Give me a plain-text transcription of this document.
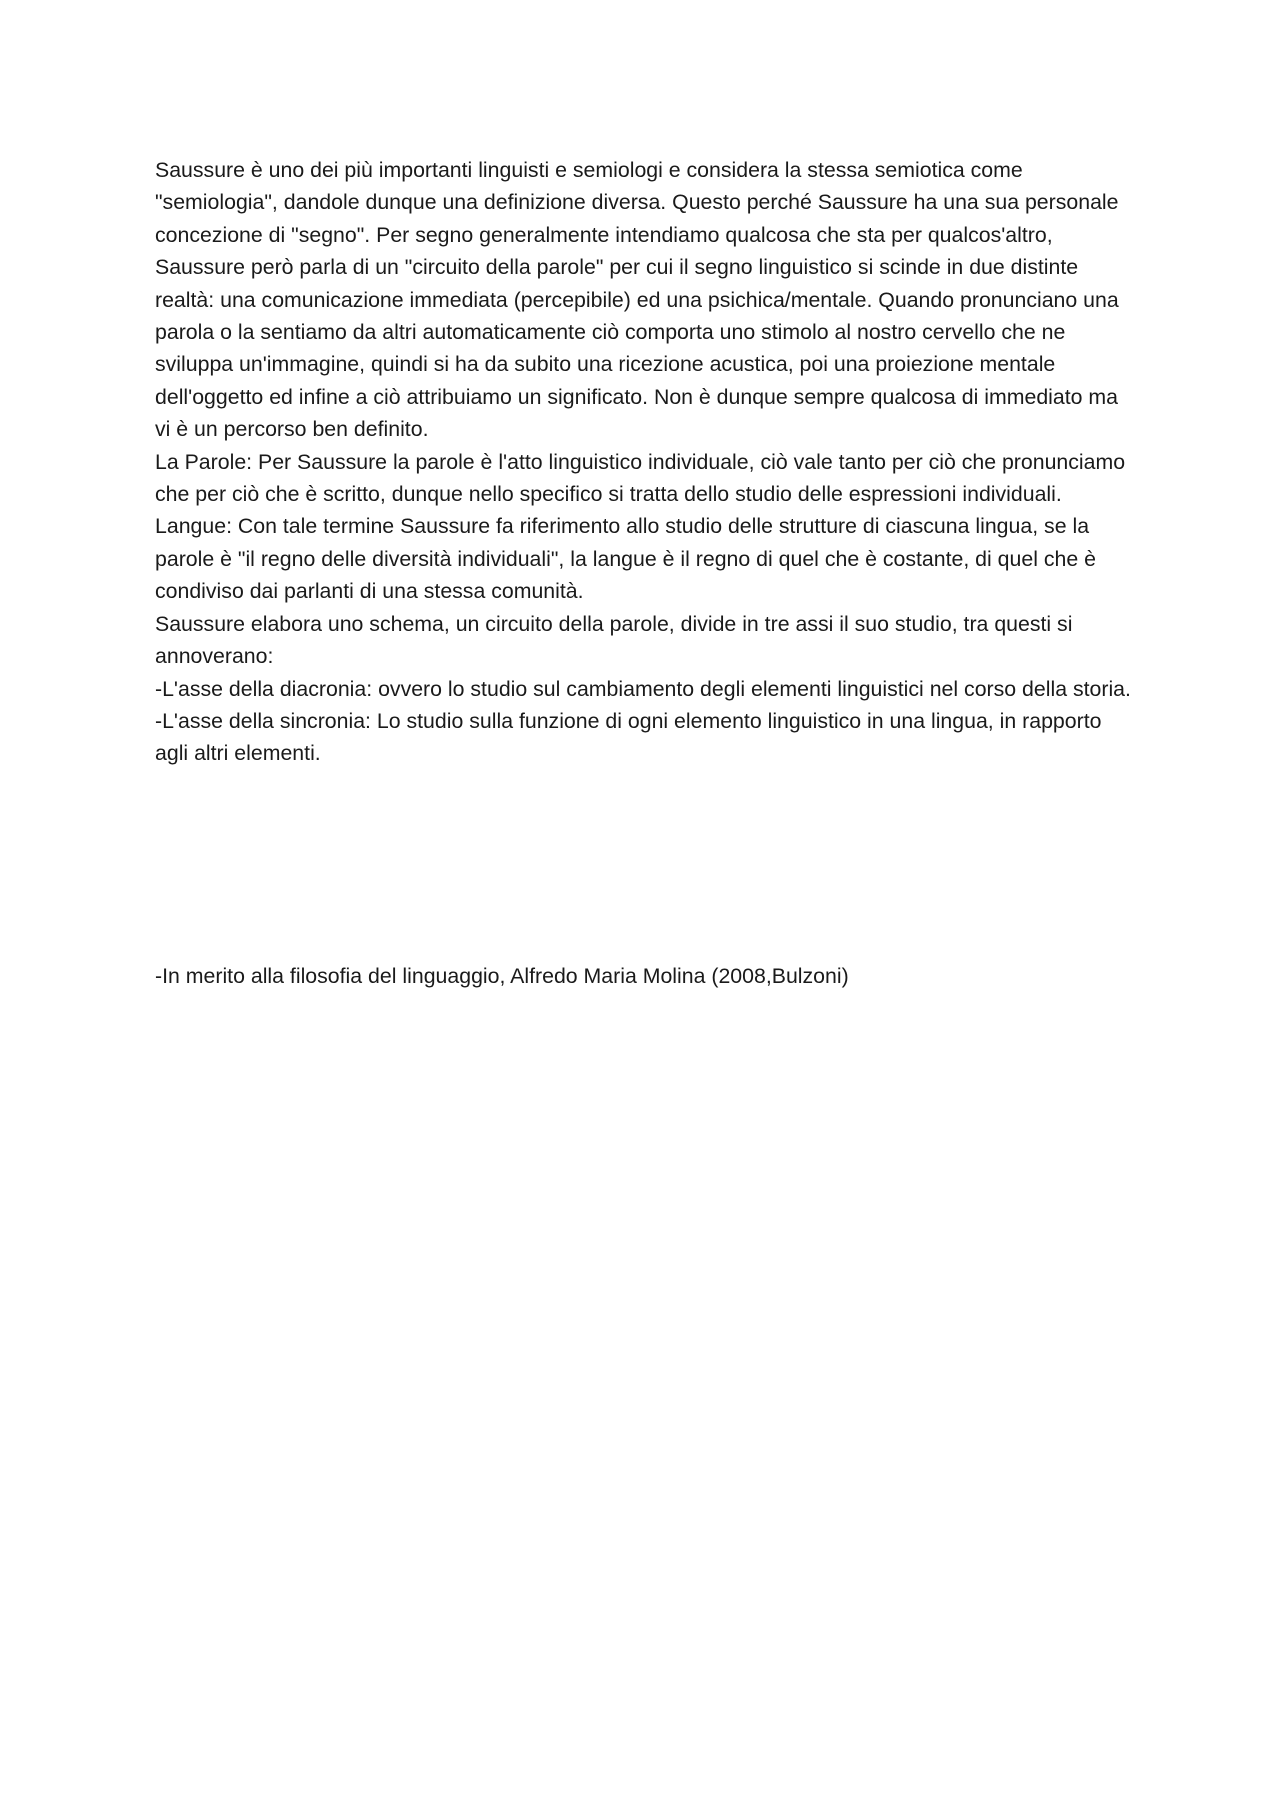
Saussure è uno dei più importanti linguisti e semiologi e considera la stessa semiotica come "semiologia", dandole dunque una definizione diversa. Questo perché Saussure ha una sua personale concezione di "segno". Per segno generalmente intendiamo qualcosa che sta per qualcos'altro, Saussure però parla di un "circuito della parole" per cui il segno linguistico si scinde in due distinte realtà: una comunicazione immediata (percepibile) ed una psichica/mentale. Quando pronunciano una parola o la sentiamo da altri automaticamente ciò comporta uno stimolo al nostro cervello che ne sviluppa un'immagine, quindi si ha da subito una ricezione acustica, poi una proiezione mentale dell'oggetto ed infine a ciò attribuiamo un significato. Non è dunque sempre qualcosa di immediato ma vi è un percorso ben definito.

La Parole: Per Saussure la parole è l'atto linguistico individuale, ciò vale tanto per ciò che pronunciamo che per ciò che è scritto, dunque nello specifico si tratta dello studio delle espressioni individuali.

Langue: Con tale termine Saussure fa riferimento allo studio delle strutture di ciascuna lingua, se la parole è "il regno delle diversità individuali", la langue è il regno di quel che è costante, di quel che è condiviso dai parlanti di una stessa comunità.

Saussure elabora uno schema, un circuito della parole, divide in tre assi il suo studio, tra questi si annoverano:

-L'asse della diacronia: ovvero lo studio sul cambiamento degli elementi linguistici nel corso della storia.

-L'asse della sincronia: Lo studio sulla funzione di ogni elemento linguistico in una lingua, in rapporto agli altri elementi.

-In merito alla filosofia del linguaggio, Alfredo Maria Molina (2008,Bulzoni)
